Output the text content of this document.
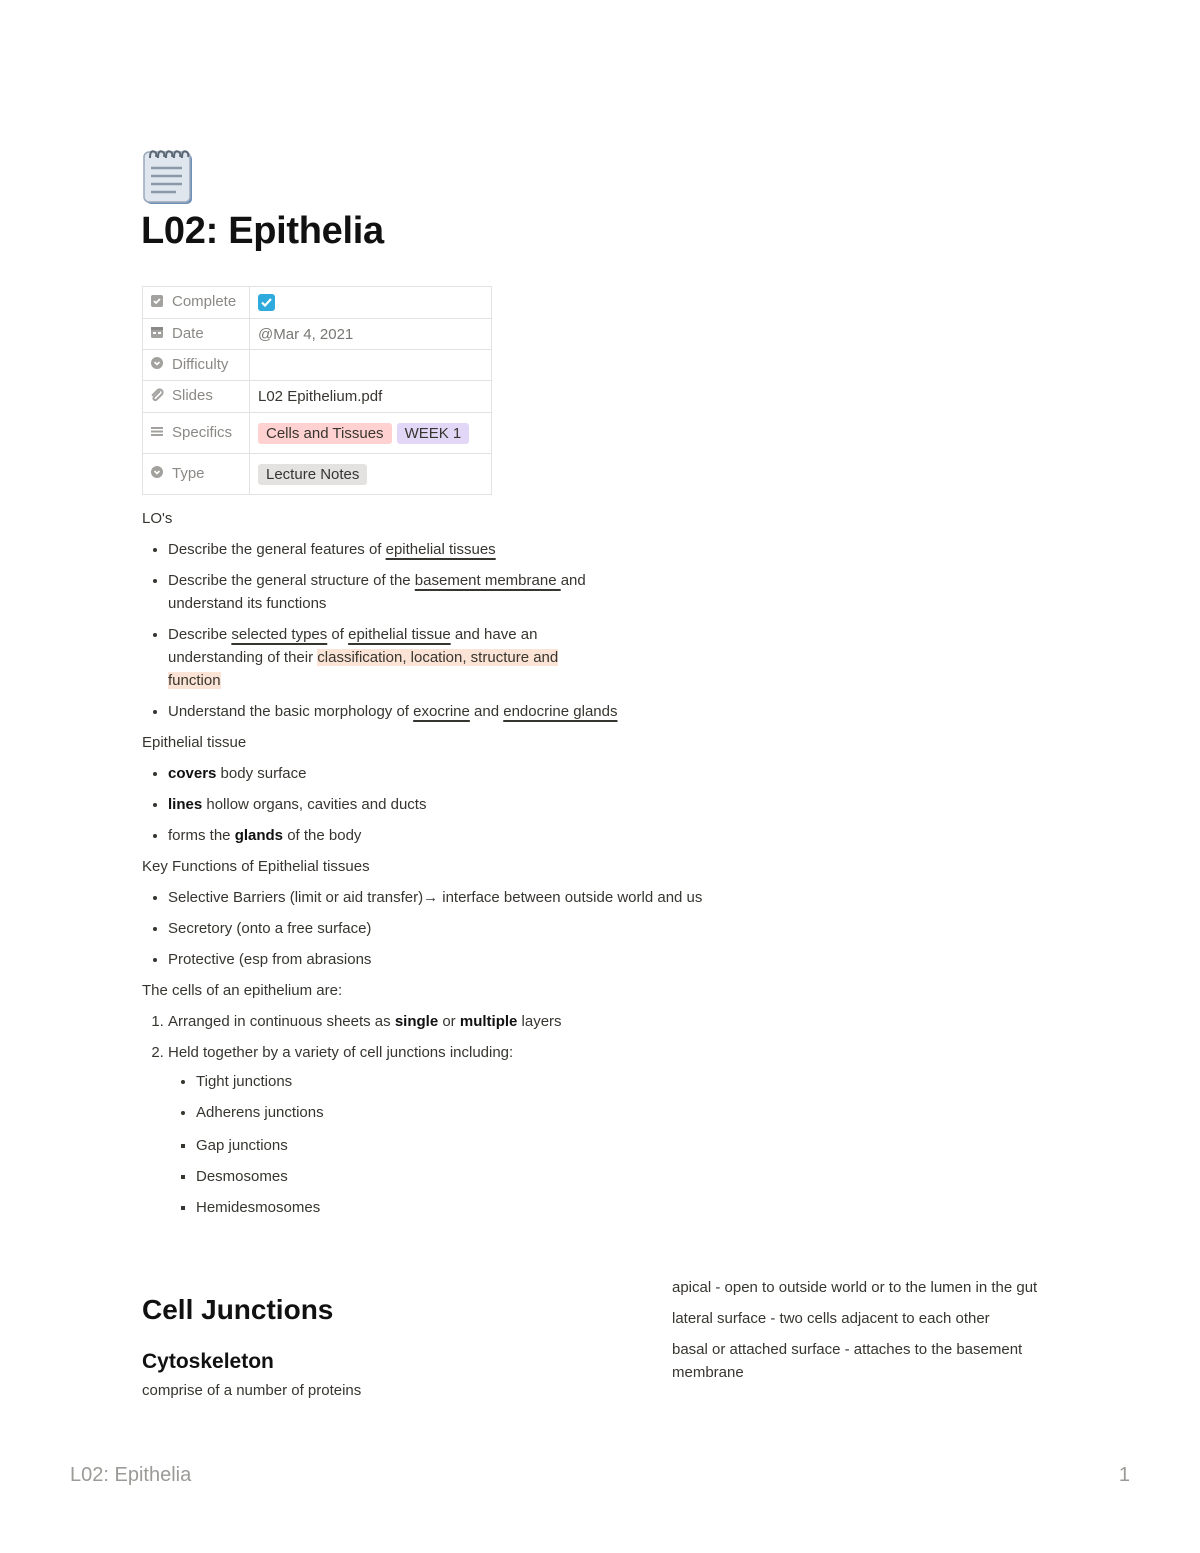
L02: Epithelia
Complete	

Date	@Mar 4, 2021
Difficulty	
Slides	L02 Epithelium.pdf
Specifics	Cells and Tissues WEEK 1
Type	Lecture Notes

LO's

• Describe the general features of epithelial tissues
• Describe the general structure of the basement membrane and understand its functions
• Describe selected types of epithelial tissue and have an understanding of their classification, location, structure and function
• Understand the basic morphology of exocrine and endocrine glands

Epithelial tissue

• covers body surface
• lines hollow organs, cavities and ducts
• forms the glands of the body

Key Functions of Epithelial tissues

• Selective Barriers (limit or aid transfer)→ interface between outside world and us
• Secretory (onto a free surface)
• Protective (esp from abrasions

The cells of an epithelium are:

1. Arranged in continuous sheets as single or multiple layers
2. Held together by a variety of cell junctions including:
• Tight junctions
• Adherens junctions
▪ Gap junctions
▪ Desmosomes
▪ Hemidesmosomes
Cell Junctions
Cytoskeleton

comprise of a number of proteins

apical - open to outside world or to the lumen in the gut

lateral surface - two cells adjacent to each other

basal or attached surface - attaches to the basement membrane

L02: Epithelia	1
